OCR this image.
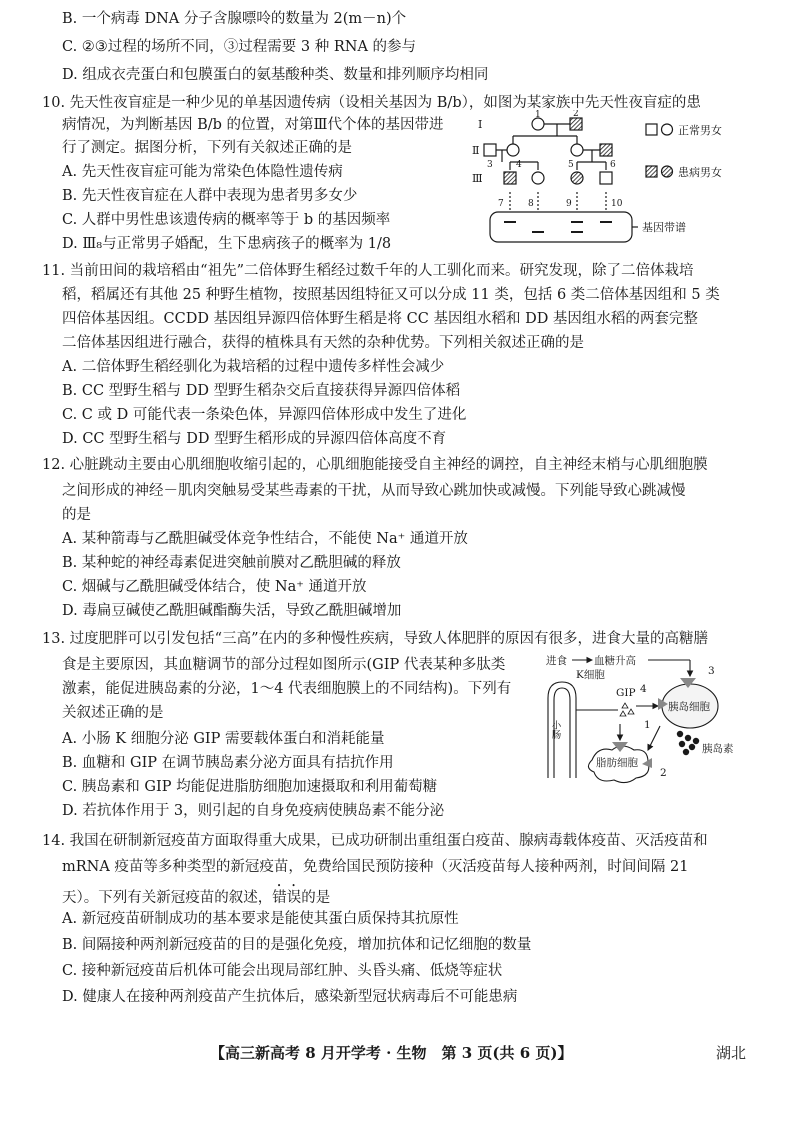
B. 一个病毒 DNA 分子含腺嘌呤的数量为 2(m－n)个
C. ②③过程的场所不同，③过程需要 3 种 RNA 的参与
D. 组成衣壳蛋白和包膜蛋白的氨基酸种类、数量和排列顺序均相同
10. 先天性夜盲症是一种少见的单基因遗传病（设相关基因为 B/b），如图为某家族中先天性夜盲症的患
病情况，为判断基因 B/b 的位置，对第Ⅲ代个体的基因带进
行了测定。据图分析，下列有关叙述正确的是
A. 先天性夜盲症可能为常染色体隐性遗传病
B. 先天性夜盲症在人群中表现为患者男多女少
C. 人群中男性患该遗传病的概率等于 b 的基因频率
D. Ⅲ₈与正常男子婚配，生下患病孩子的概率为 1/8
Ⅰ
Ⅱ
Ⅲ
1	2
3	4	5	6
7	8	9	10
正常男女
患病男女
基因带谱
11. 当前田间的栽培稻由“祖先”二倍体野生稻经过数千年的人工驯化而来。研究发现，除了二倍体栽培
稻，稻属还有其他 25 种野生植物，按照基因组特征又可以分成 11 类，包括 6 类二倍体基因组和 5 类
四倍体基因组。CCDD 基因组异源四倍体野生稻是将 CC 基因组水稻和 DD 基因组水稻的两套完整
二倍体基因组进行融合，获得的植株具有天然的杂种优势。下列相关叙述正确的是
A. 二倍体野生稻经驯化为栽培稻的过程中遗传多样性会减少
B. CC 型野生稻与 DD 型野生稻杂交后直接获得异源四倍体稻
C. C 或 D 可能代表一条染色体，异源四倍体形成中发生了进化
D. CC 型野生稻与 DD 型野生稻形成的异源四倍体高度不育
12. 心脏跳动主要由心肌细胞收缩引起的，心肌细胞能接受自主神经的调控，自主神经末梢与心肌细胞膜
之间形成的神经－肌肉突触易受某些毒素的干扰，从而导致心跳加快或减慢。下列能导致心跳减慢
的是
A. 某种箭毒与乙酰胆碱受体竞争性结合，不能使 Na⁺ 通道开放
B. 某种蛇的神经毒素促进突触前膜对乙酰胆碱的释放
C. 烟碱与乙酰胆碱受体结合，使 Na⁺ 通道开放
D. 毒扁豆碱使乙酰胆碱酯酶失活，导致乙酰胆碱增加
13. 过度肥胖可以引发包括“三高”在内的多种慢性疾病，导致人体肥胖的原因有很多，进食大量的高糖膳
食是主要原因，其血糖调节的部分过程如图所示(GIP 代表某种多肽类
激素，能促进胰岛素的分泌，1～4 代表细胞膜上的不同结构)。下列有
关叙述正确的是
A. 小肠 K 细胞分泌 GIP 需要载体蛋白和消耗能量
B. 血糖和 GIP 在调节胰岛素分泌方面具有拮抗作用
C. 胰岛素和 GIP 均能促进脂肪细胞加速摄取和利用葡萄糖
D. 若抗体作用于 3，则引起的自身免疫病使胰岛素不能分泌
进食	血糖升高
K细胞
GIP
胰岛细胞
小肠
脂肪细胞
胰岛素
1
2
3
4
14. 我国在研制新冠疫苗方面取得重大成果，已成功研制出重组蛋白疫苗、腺病毒载体疫苗、灭活疫苗和
mRNA 疫苗等多种类型的新冠疫苗，免费给国民预防接种（灭活疫苗每人接种两剂，时间间隔 21
天）。下列有关新冠疫苗的叙述，错误的是
A. 新冠疫苗研制成功的基本要求是能使其蛋白质保持其抗原性
B. 间隔接种两剂新冠疫苗的目的是强化免疫，增加抗体和记忆细胞的数量
C. 接种新冠疫苗后机体可能会出现局部红肿、头昏头痛、低烧等症状
D. 健康人在接种两剂疫苗产生抗体后，感染新型冠状病毒后不可能患病
【高三新高考 8 月开学考 · 生物　第 3 页(共 6 页)】	湖北
